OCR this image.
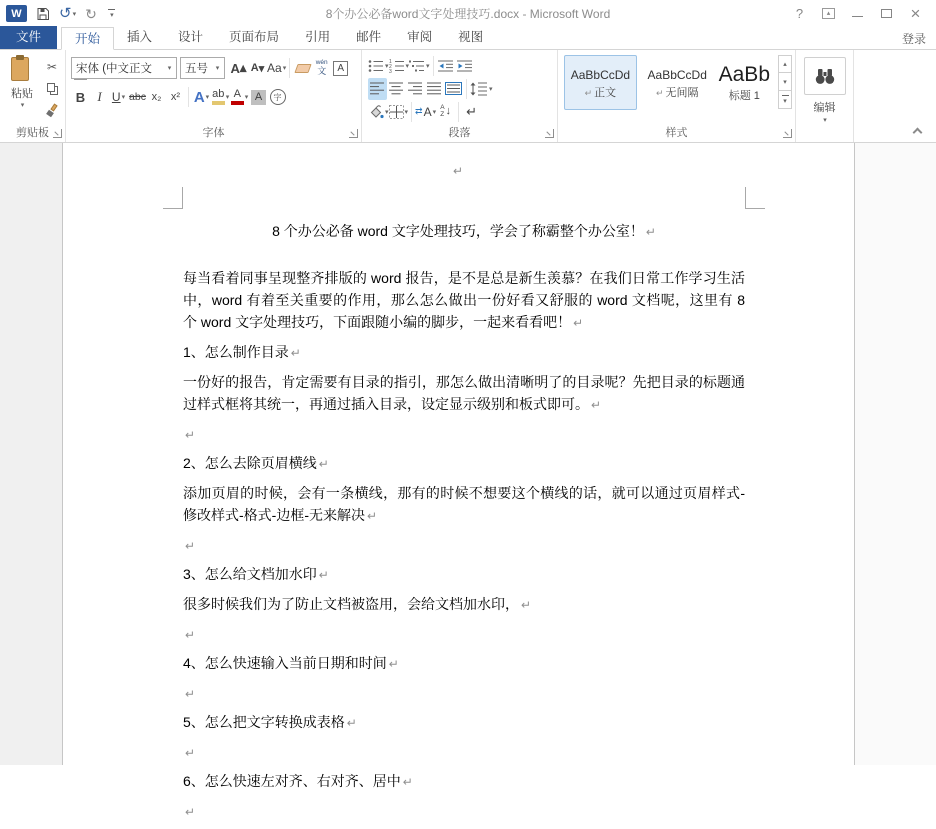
W	↺ ▾ ↻ ▾	8个办公必备word文字处理技巧.docx - Microsoft Word	?	▴	×
文件	开始	插入	设计	页面布局	引用	邮件	审阅	视图	登录
粘贴
▾
✂
剪贴板
宋体 (中文正文	▾	五号	▾ A ▴ A ▾ Aa ▾
wén
文	A
B I U ▾ abc x₂ x² A ▾ ab ▾ A ▾ A	字
字体
▾
1
2
3
▾ ▾
▾
▾ ▾ ⇄ A ▾
A
Z ↓ ↵
段落
AaBbCcDd
↵ 正文
AaBbCcDd
↵ 无间隔
AaBb
标题 1
▴
▾
▾
样式
编辑
▾
↵

8 个办公必备 word 文字处理技巧，学会了称霸整个办公室！ ↵

每当看着同事呈现整齐排版的 word 报告，是不是总是新生羡慕？在我们日常工作学习生活中，word 有着至关重要的作用，那么怎么做出一份好看又舒服的 word 文档呢，这里有 8 个 word 文字处理技巧，下面跟随小编的脚步，一起来看看吧！ ↵

1、怎么制作目录 ↵

一份好的报告，肯定需要有目录的指引，那怎么做出清晰明了的目录呢？先把目录的标题通过样式框将其统一，再通过插入目录，设定显示级别和板式即可。 ↵

↵

2、怎么去除页眉横线 ↵

添加页眉的时候，会有一条横线，那有的时候不想要这个横线的话，就可以通过页眉样式-修改样式-格式-边框-无来解决 ↵

↵

3、怎么给文档加水印 ↵

很多时候我们为了防止文档被盗用，会给文档加水印， ↵

↵

4、怎么快速输入当前日期和时间 ↵

↵

5、怎么把文字转换成表格 ↵

↵

6、怎么快速左对齐、右对齐、居中 ↵

↵
